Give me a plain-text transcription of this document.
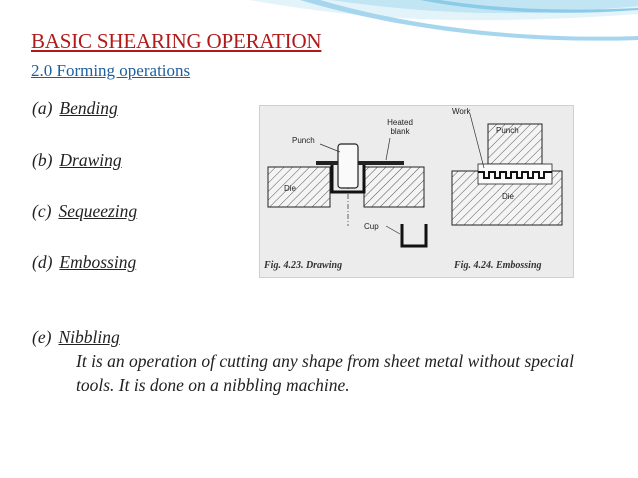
BASIC SHEARING OPERATION
2.0 Forming operations
(a) Bending
(b) Drawing
(c) Sequeezing
(d) Embossing
(e) Nibbling
It is an operation of cutting any shape from sheet metal without special tools. It is done on a nibbling machine.
Punch
Heated blank
Die
Cup
Work
Punch
Die
Fig. 4.23. Drawing	Fig. 4.24. Embossing
